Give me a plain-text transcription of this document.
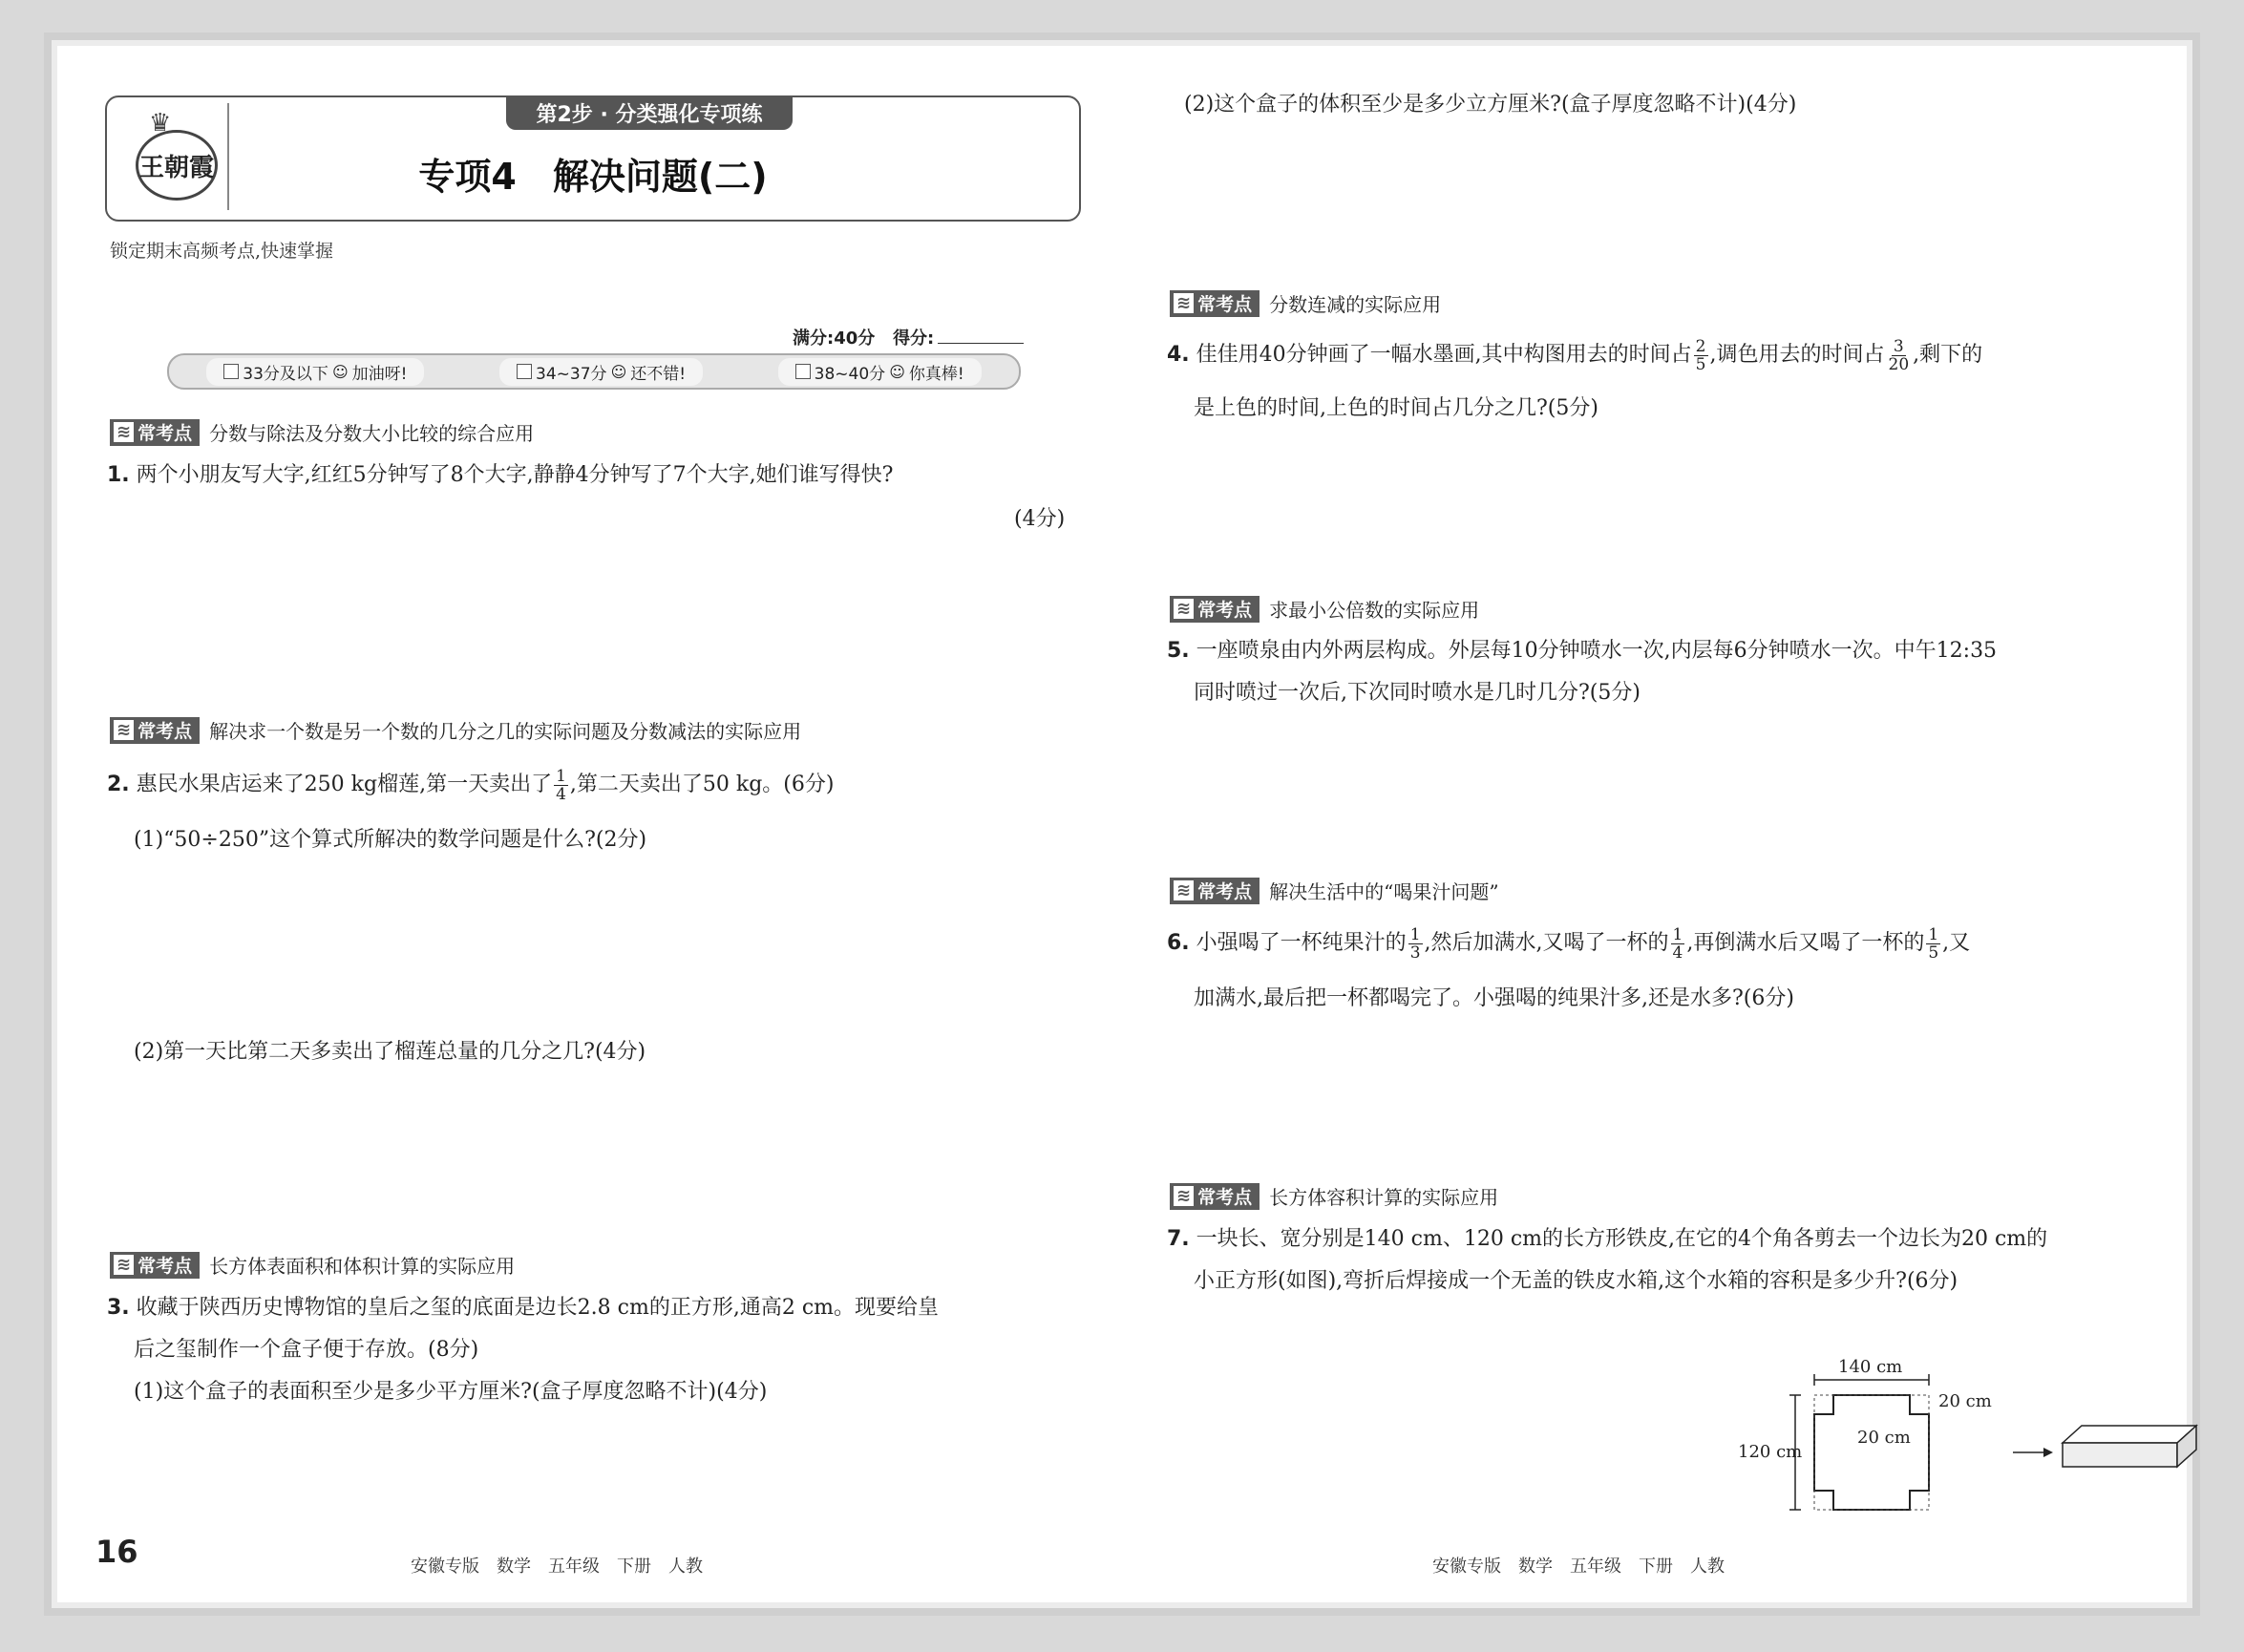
♛
王朝霞
第2步 · 分类强化专项练
专项4　解决问题(二)
锁定期末高频考点,快速掌握
满分:40分 得分:
33分及以下 ☺ 加油呀!	34~37分 ☺ 还不错!	38~40分 ☺ 你真棒!
≋ 常考点 分数与除法及分数大小比较的综合应用
1. 两个小朋友写大字,红红5分钟写了8个大字,静静4分钟写了7个大字,她们谁写得快?
(4分)
≋ 常考点 解决求一个数是另一个数的几分之几的实际问题及分数减法的实际应用
2. 惠民水果店运来了250 kg榴莲,第一天卖出了 $\frac{1}{4}$ ,第二天卖出了50 kg。(6分)
(1)“50÷250”这个算式所解决的数学问题是什么?(2分)
(2)第一天比第二天多卖出了榴莲总量的几分之几?(4分)
≋ 常考点 长方体表面积和体积计算的实际应用
3. 收藏于陕西历史博物馆的皇后之玺的底面是边长2.8 cm的正方形,通高2 cm。现要给皇
后之玺制作一个盒子便于存放。(8分)
(1)这个盒子的表面积至少是多少平方厘米?(盒子厚度忽略不计)(4分)
16	安徽专版　数学　五年级　下册　人教
(2)这个盒子的体积至少是多少立方厘米?(盒子厚度忽略不计)(4分)
≋ 常考点 分数连减的实际应用
4. 佳佳用40分钟画了一幅水墨画,其中构图用去的时间占 $\frac{2}{5}$ ,调色用去的时间占 $\frac{3}{20}$ ,剩下的
是上色的时间,上色的时间占几分之几?(5分)
≋ 常考点 求最小公倍数的实际应用
5. 一座喷泉由内外两层构成。外层每10分钟喷水一次,内层每6分钟喷水一次。中午12:35
同时喷过一次后,下次同时喷水是几时几分?(5分)
≋ 常考点 解决生活中的“喝果汁问题”
6. 小强喝了一杯纯果汁的 $\frac{1}{3}$ ,然后加满水,又喝了一杯的 $\frac{1}{4}$ ,再倒满水后又喝了一杯的 $\frac{1}{5}$ ,又
加满水,最后把一杯都喝完了。小强喝的纯果汁多,还是水多?(6分)
≋ 常考点 长方体容积计算的实际应用
7. 一块长、宽分别是140 cm、120 cm的长方形铁皮,在它的4个角各剪去一个边长为20 cm的
小正方形(如图),弯折后焊接成一个无盖的铁皮水箱,这个水箱的容积是多少升?(6分)
安徽专版　数学　五年级　下册　人教
140 cm
120 cm
20 cm
20 cm
